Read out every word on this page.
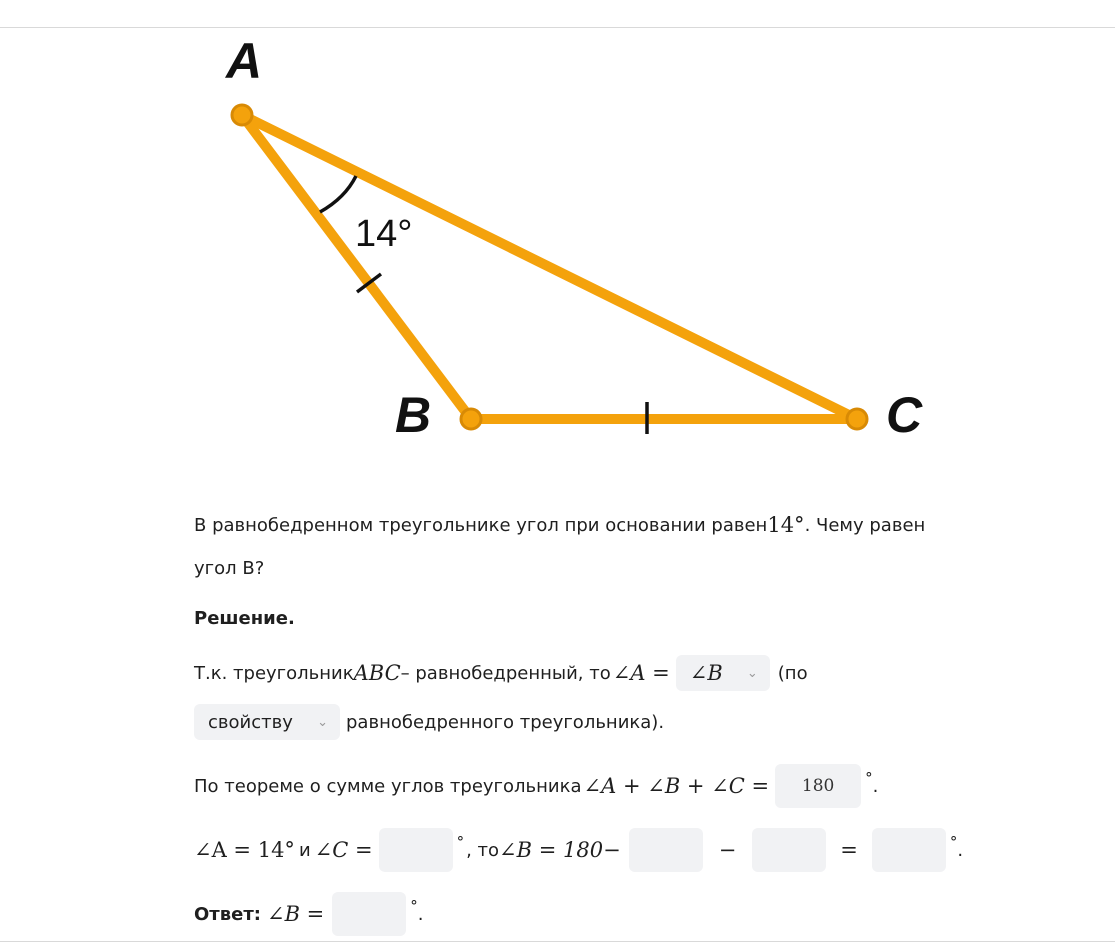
A
B	C
14°
В равнобедренном треугольнике угол при основании равен 14° . Чему равен
угол В?
Решение.
Т.к. треугольник ABC – равнобедренный, то ∠A = ∠B ⌄ (по
свойству ⌄ равнобедренного треугольника).
По теореме о сумме углов треугольника ∠A + ∠B + ∠C =	180	° .
∠A = 14° и ∠C =	° , то ∠B = 180−	−	=	° .
Ответ: ∠B =	° .
